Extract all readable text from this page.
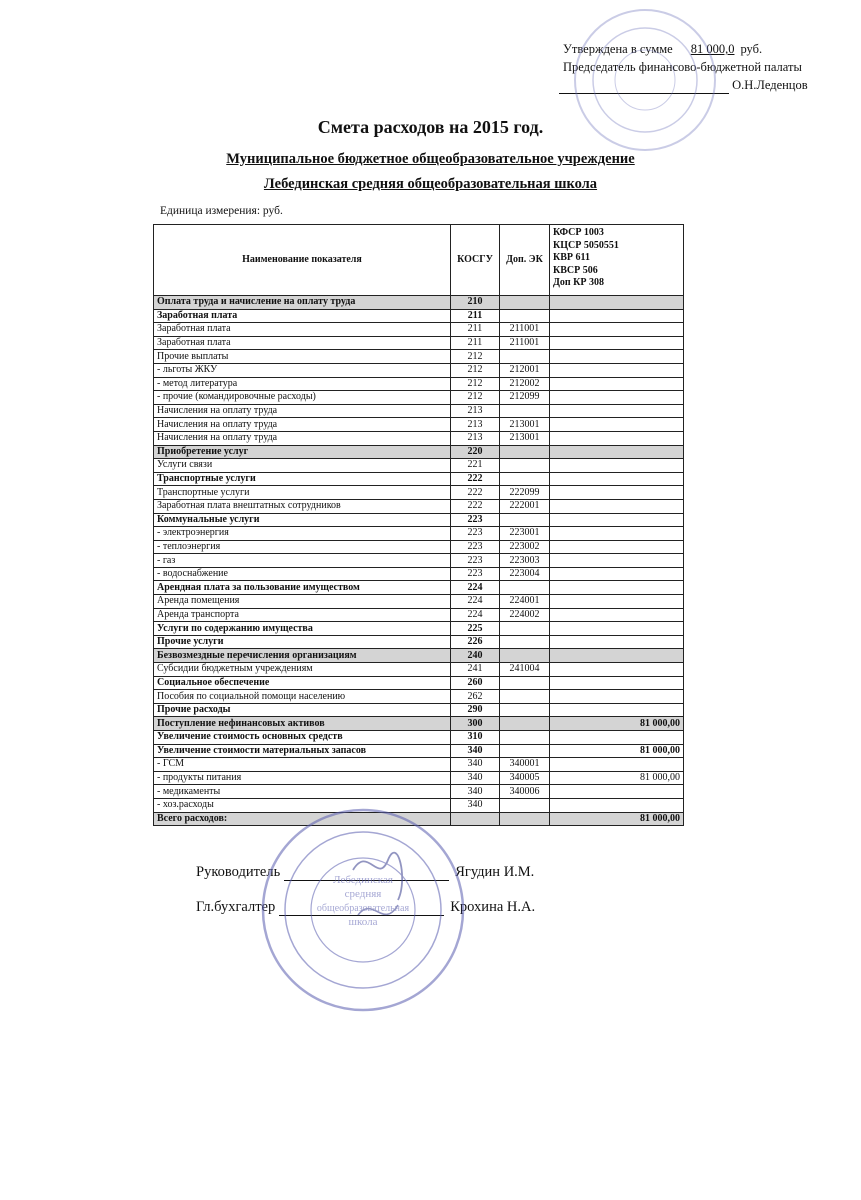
Утверждена в сумме 81 000,0 руб.
Председатель финансово-бюджетной палаты
О.Н.Леденцов
Смета расходов на 2015 год.
Муниципальное бюджетное общеобразовательное учреждение
Лебединская средняя общеобразовательная школа
Единица измерения: руб.
Наименование показателя	КОСГУ	Доп. ЭК	КФСР 1003
КЦСР 5050551
КВР 611
КВСР 506
Доп КР 308

Оплата труда и начисление на оплату труда	210		
Заработная плата	211		
Заработная плата	211	211001	
Заработная плата	211	211001	
Прочие выплаты	212		
- льготы ЖКУ	212	212001	
- метод литература	212	212002	
- прочие (командировочные расходы)	212	212099	
Начисления на оплату труда	213		
Начисления на оплату труда	213	213001	
Начисления на оплату труда	213	213001	
Приобретение услуг	220		
Услуги связи	221		
Транспортные услуги	222		
Транспортные услуги	222	222099	
Заработная плата внештатных сотрудников	222	222001	
Коммунальные услуги	223		
- электроэнергия	223	223001	
- теплоэнергия	223	223002	
- газ	223	223003	
- водоснабжение	223	223004	
Арендная плата за пользование имуществом	224		
Аренда помещения	224	224001	
Аренда транспорта	224	224002	
Услуги по содержанию имущества	225		
Прочие услуги	226		
Безвозмездные перечисления организациям	240		
Субсидии бюджетным учреждениям	241	241004	
Социальное обеспечение	260		
Пособия по социальной помощи населению	262		
Прочие расходы	290		
Поступление нефинансовых активов	300		81 000,00
Увеличение стоимость основных средств	310		
Увеличение стоимости материальных запасов	340		81 000,00
- ГСМ	340	340001	
- продукты питания	340	340005	81 000,00
- медикаменты	340	340006	
- хоз.расходы	340		
Всего расходов:			81 000,00
Руководитель	Ягудин И.М.
Гл.бухгалтер	Крохина Н.А.
Лебединская
средняя
общеобразовательная
школа
